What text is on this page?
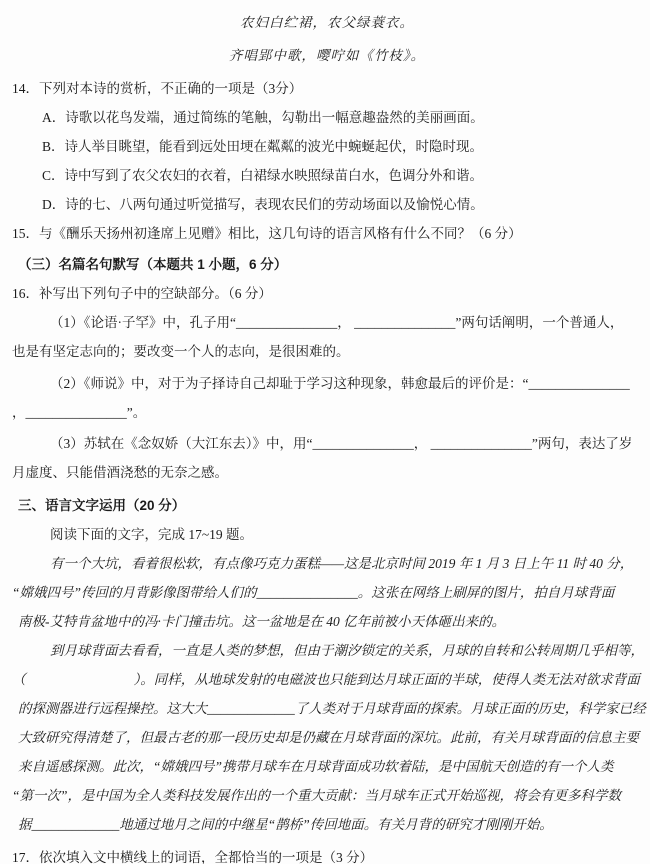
农妇白纻裙，农父绿蓑衣。
齐唱郢中歌，嘤咛如《竹枝》。
14．下列对本诗的赏析，不正确的一项是（3分）
A．诗歌以花鸟发端，通过简练的笔触，勾勒出一幅意趣盎然的美丽画面。
B．诗人举目眺望，能看到远处田埂在粼粼的波光中蜿蜒起伏，时隐时现。
C．诗中写到了农父农妇的衣着，白裙绿水映照绿苗白水，色调分外和谐。
D．诗的七、八两句通过听觉描写，表现农民们的劳动场面以及愉悦心情。
15．与《酬乐天扬州初逢席上见赠》相比，这几句诗的语言风格有什么不同？（6 分）
（三）名篇名句默写（本题共 1 小题，6 分）
16．补写出下列句子中的空缺部分。（6 分）
（1）《论语·子罕》中，孔子用“_______________， _______________”两句话阐明，一个普通人，
也是有坚定志向的；要改变一个人的志向，是很困难的。
（2）《师说》中，对于为子择诗自己却耻于学习这种现象，韩愈最后的评价是：“_______________
，_______________”。
（3）苏轼在《念奴娇（大江东去）》中，用“_______________， _______________”两句，表达了岁
月虚度、只能借酒浇愁的无奈之感。
三、语言文字运用（20 分）
阅读下面的文字，完成 17~19 题。
有一个大坑，看着很松软，有点像巧克力蛋糕——这是北京时间 2019 年 1 月 3 日上午 11 时 40 分，
“嫦娥四号”传回的月背影像图带给人们的_______________。这张在网络上刷屏的图片，拍自月球背面
南极-艾特肯盆地中的冯·卡门撞击坑。这一盆地是在 40 亿年前被小天体砸出来的。
到月球背面去看看，一直是人类的梦想，但由于潮汐锁定的关系，月球的自转和公转周期几乎相等，
（　　　　　　　　）。同样，从地球发射的电磁波也只能到达月球正面的半球，使得人类无法对欲求背面
的探测器进行远程操控。这大大_____________了人类对于月球背面的探索。月球正面的历史，科学家已经
大致研究得清楚了，但最古老的那一段历史却是仍藏在月球背面的深坑。此前，有关月球背面的信息主要
来自遥感探测。此次，“嫦娥四号”携带月球车在月球背面成功软着陆，是中国航天创造的有一个人类
“第一次”，是中国为全人类科技发展作出的一个重大贡献：当月球车正式开始巡视，将会有更多科学数
据_____________地通过地月之间的中继星“鹊桥”传回地面。有关月背的研究才刚刚开始。
17．依次填入文中横线上的词语，全都恰当的一项是（3 分）
